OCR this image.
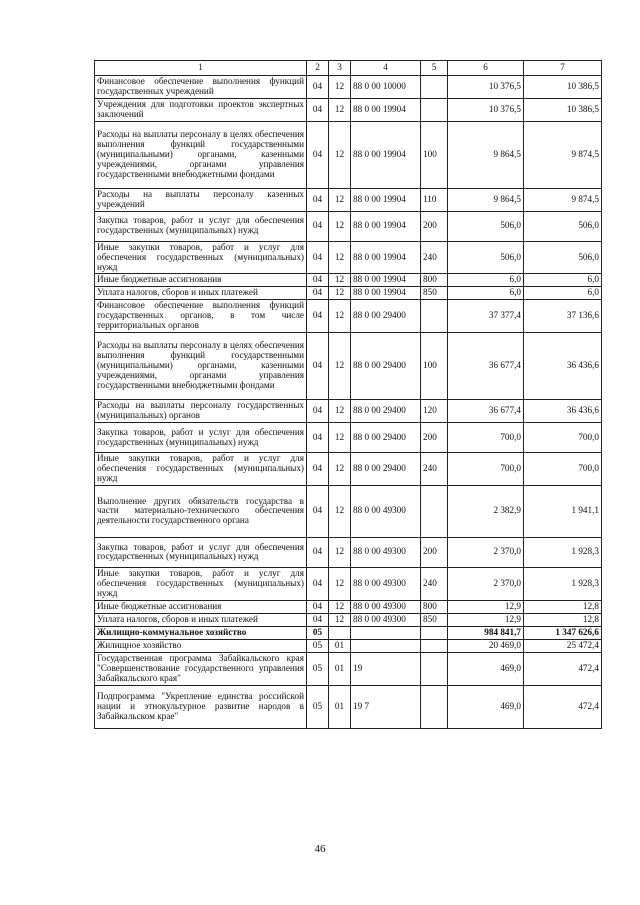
1	2	3	4	5	6	7
Финансовое обеспечение выполнения функций государственных учреждений	04	12	88 0 00 10000		10 376,5	10 386,5
Учреждения для подготовки проектов экспертных заключений	04	12	88 0 00 19904		10 376,5	10 386,5
Расходы на выплаты персоналу в целях обеспечения выполнения функций государственными (муниципальными) органами, казенными учреждениями, органами управления государственными внебюджетными фондами	04	12	88 0 00 19904	100	9 864,5	9 874,5
Расходы на выплаты персоналу казенных учреждений	04	12	88 0 00 19904	110	9 864,5	9 874,5
Закупка товаров, работ и услуг для обеспечения государственных (муниципальных) нужд	04	12	88 0 00 19904	200	506,0	506,0
Иные закупки товаров, работ и услуг для обеспечения государственных (муниципальных) нужд	04	12	88 0 00 19904	240	506,0	506,0
Иные бюджетные ассигнования	04	12	88 0 00 19904	800	6,0	6,0
Уплата налогов, сборов и иных платежей	04	12	88 0 00 19904	850	6,0	6,0
Финансовое обеспечение выполнения функций государственных органов, в том числе территориальных органов	04	12	88 0 00 29400		37 377,4	37 136,6
Расходы на выплаты персоналу в целях обеспечения выполнения функций государственными (муниципальными) органами, казенными учреждениями, органами управления государственными внебюджетными фондами	04	12	88 0 00 29400	100	36 677,4	36 436,6
Расходы на выплаты персоналу государственных (муниципальных) органов	04	12	88 0 00 29400	120	36 677,4	36 436,6
Закупка товаров, работ и услуг для обеспечения государственных (муниципальных) нужд	04	12	88 0 00 29400	200	700,0	700,0
Иные закупки товаров, работ и услуг для обеспечения государственных (муниципальных) нужд	04	12	88 0 00 29400	240	700,0	700,0
Выполнение других обязательств государства в части материально-технического обеспечения деятельности государственного органа	04	12	88 0 00 49300		2 382,9	1 941,1
Закупка товаров, работ и услуг для обеспечения государственных (муниципальных) нужд	04	12	88 0 00 49300	200	2 370,0	1 928,3
Иные закупки товаров, работ и услуг для обеспечения государственных (муниципальных) нужд	04	12	88 0 00 49300	240	2 370,0	1 928,3
Иные бюджетные ассигнования	04	12	88 0 00 49300	800	12,9	12,8
Уплата налогов, сборов и иных платежей	04	12	88 0 00 49300	850	12,9	12,8
Жилищно-коммунальное хозяйство	05				984 841,7	1 347 626,6
Жилищное хозяйство	05	01			20 469,0	25 472,4
Государственная программа Забайкальского края "Совершенствование государственного управления Забайкальского края"	05	01	19		469,0	472,4
Подпрограмма "Укрепление единства российской нации и этнокультурное развитие народов в Забайкальском крае"	05	01	19 7		469,0	472,4
46
